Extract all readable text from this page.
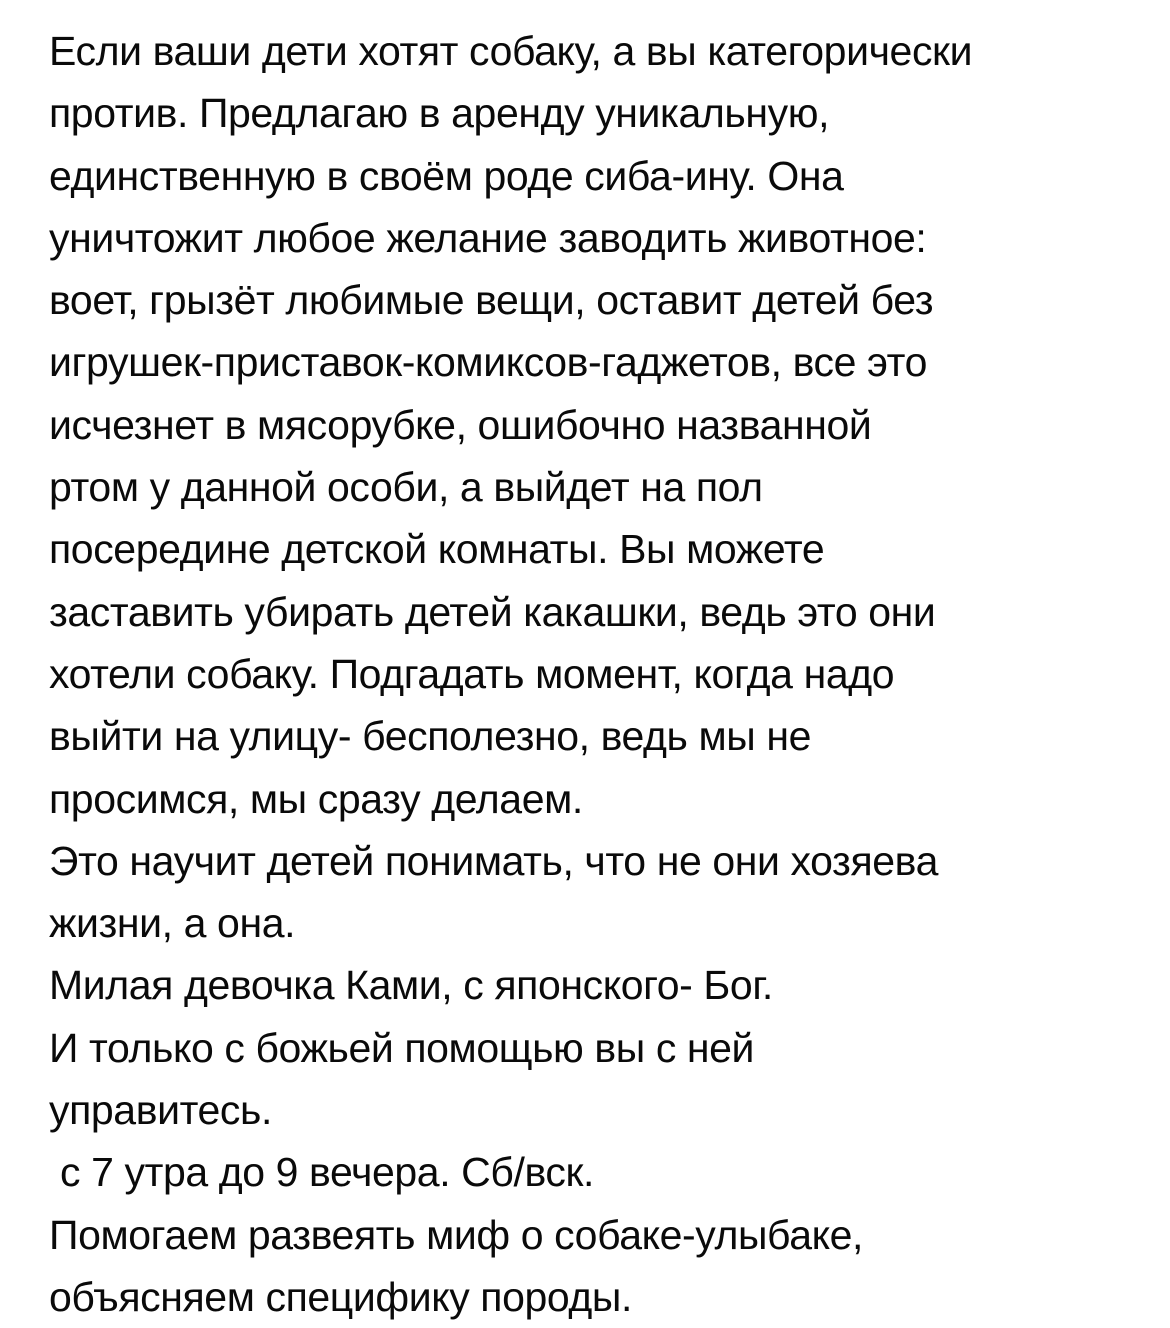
Если ваши дети хотят собаку, а вы категорически
против. Предлагаю в аренду уникальную,
единственную в своём роде сиба-ину. Она
уничтожит любое желание заводить животное:
воет, грызёт любимые вещи, оставит детей без
игрушек-приставок-комиксов-гаджетов, все это
исчезнет в мясорубке, ошибочно названной
ртом у данной особи, а выйдет на пол
посередине детской комнаты. Вы можете
заставить убирать детей какашки, ведь это они
хотели собаку. Подгадать момент, когда надо
выйти на улицу- бесполезно, ведь мы не
просимся, мы сразу делаем.
Это научит детей понимать, что не они хозяева
жизни, а она.
Милая девочка Ками, с японского- Бог.
И только с божьей помощью вы с ней
управитесь.
с 7 утра до 9 вечера. Сб/вск.
Помогаем развеять миф о собаке-улыбаке,
объясняем специфику породы.
